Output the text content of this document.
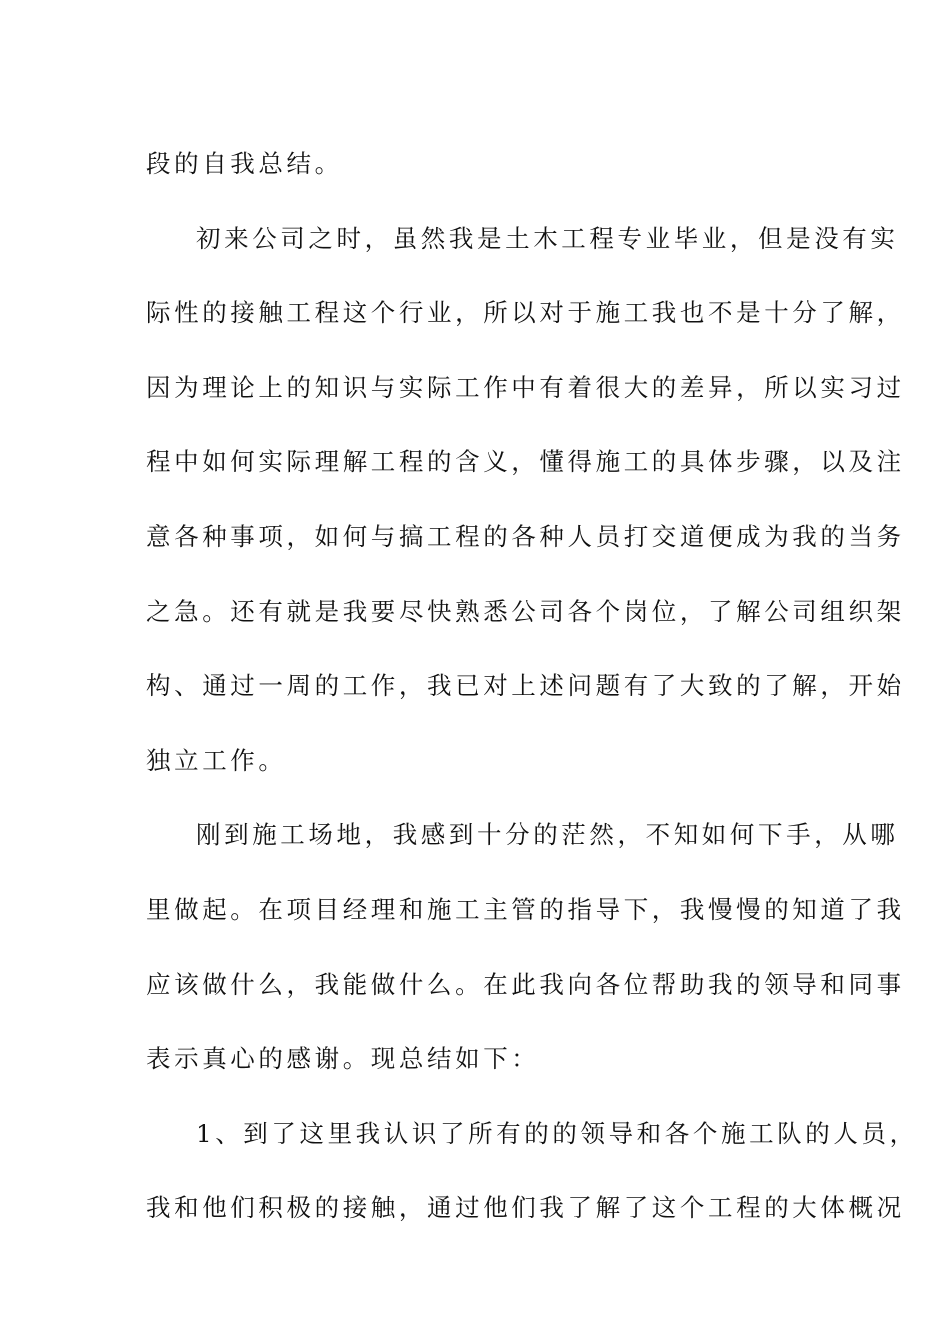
段的自我总结。
初来公司之时，虽然我是土木工程专业毕业，但是没有实
际性的接触工程这个行业，所以对于施工我也不是十分了解，
因为理论上的知识与实际工作中有着很大的差异，所以实习过
程中如何实际理解工程的含义，懂得施工的具体步骤，以及注
意各种事项，如何与搞工程的各种人员打交道便成为我的当务
之急。还有就是我要尽快熟悉公司各个岗位，了解公司组织架
构、通过一周的工作，我已对上述问题有了大致的了解，开始
独立工作。
刚到施工场地，我感到十分的茫然，不知如何下手，从哪
里做起。在项目经理和施工主管的指导下，我慢慢的知道了我
应该做什么，我能做什么。在此我向各位帮助我的领导和同事
表示真心的感谢。现总结如下：
1、到了这里我认识了所有的的领导和各个施工队的人员，
我和他们积极的接触，通过他们我了解了这个工程的大体概况
